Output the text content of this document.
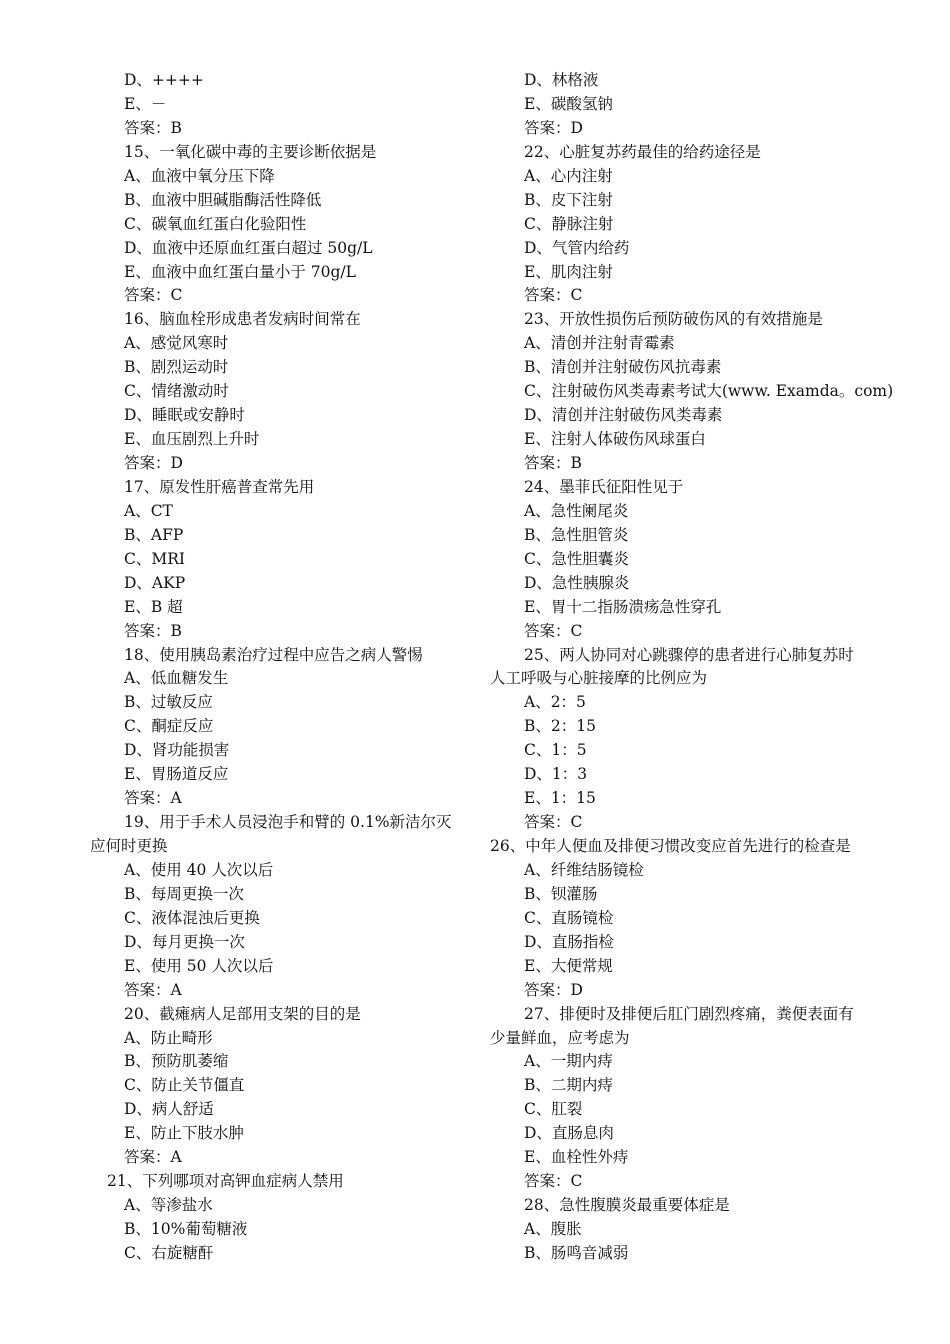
D、++++
E、－
答案：B
15、一氧化碳中毒的主要诊断依据是
A、血液中氧分压下降
B、血液中胆碱脂酶活性降低
C、碳氧血红蛋白化验阳性
D、血液中还原血红蛋白超过 50g/L
E、血液中血红蛋白量小于 70g/L
答案：C
16、脑血栓形成患者发病时间常在
A、感觉风寒时
B、剧烈运动时
C、情绪激动时
D、睡眠或安静时
E、血压剧烈上升时
答案：D
17、原发性肝癌普查常先用
A、CT
B、AFP
C、MRI
D、AKP
E、B 超
答案：B
18、使用胰岛素治疗过程中应告之病人警惕
A、低血糖发生
B、过敏反应
C、酮症反应
D、肾功能损害
E、胃肠道反应
答案：A
19、用于手术人员浸泡手和臂的 0.1%新洁尔灭
应何时更换
A、使用 40 人次以后
B、每周更换一次
C、液体混浊后更换
D、每月更换一次
E、使用 50 人次以后
答案：A
20、截瘫病人足部用支架的目的是
A、防止畸形
B、预防肌萎缩
C、防止关节僵直
D、病人舒适
E、防止下肢水肿
答案：A
21、下列哪项对高钾血症病人禁用
A、等渗盐水
B、10%葡萄糖液
C、右旋糖酐
D、林格液
E、碳酸氢钠
答案：D
22、心脏复苏药最佳的给药途径是
A、心内注射
B、皮下注射
C、静脉注射
D、气管内给药
E、肌肉注射
答案：C
23、开放性损伤后预防破伤风的有效措施是
A、清创并注射青霉素
B、清创并注射破伤风抗毒素
C、注射破伤风类毒素考试大(www. Examda。com)
D、清创并注射破伤风类毒素
E、注射人体破伤风球蛋白
答案：B
24、墨菲氏征阳性见于
A、急性阑尾炎
B、急性胆管炎
C、急性胆囊炎
D、急性胰腺炎
E、胃十二指肠溃疡急性穿孔
答案：C
25、两人协同对心跳骤停的患者进行心肺复苏时
人工呼吸与心脏接摩的比例应为
A、2：5
B、2：15
C、1：5
D、1：3
E、1：15
答案：C
26、中年人便血及排便习惯改变应首先进行的检查是
A、纤维结肠镜检
B、钡灌肠
C、直肠镜检
D、直肠指检
E、大便常规
答案：D
27、排便时及排便后肛门剧烈疼痛，粪便表面有
少量鲜血，应考虑为
A、一期内痔
B、二期内痔
C、肛裂
D、直肠息肉
E、血栓性外痔
答案：C
28、急性腹膜炎最重要体症是
A、腹胀
B、肠鸣音减弱
